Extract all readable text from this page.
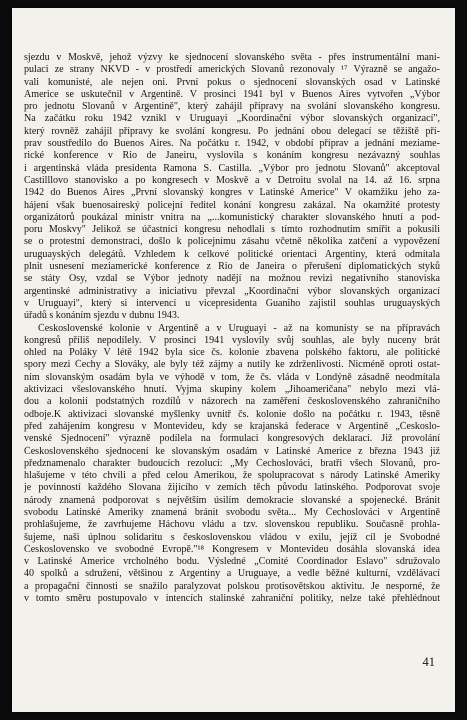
sjezdu v Moskvě, jehož výzvy ke sjednocení slovanského světa - přes instrumentální mani-
pulaci ze strany NKVD - v prostředí amerických Slovanů rezonovaly ¹⁷ Výrazně se angažo-
vali komunisté, ale nejen oni. První pokus o sjednocení slovanských osad v Latinské
Americe se uskutečnil v Argentině. V prosinci 1941 byl v Buenos Aires vytvořen „Výbor
pro jednotu Slovanů v Argentině", který zahájil přípravy na svolání slovanského kongresu.
Na začátku roku 1942 vznikl v Uruguayi „Koordinační výbor slovanských organizací",
který rovněž zahájil přípravy ke svolání kongresu. Po jednání obou delegací se těžiště pří-
prav soustředilo do Buenos Aires. Na počátku r. 1942, v období příprav a jednání meziame-
rické konference v Rio de Janeiru, vyslovila s konáním kongresu nezávazný souhlas
i argentinská vláda presidenta Ramona S. Castilla. „Výbor pro jednotu Slovanů" akceptoval
Castilllovo stanovisko a po kongresech v Moskvě a v Detroitu svolal na 14. až 16. srpna
1942 do Buenos Aires „První slovanský kongres v Latinské Americe" V okamžiku jeho za-
hájení však buenosaireský policejní ředitel konání kongresu zakázal. Na okamžité protesty
organizátorů poukázal ministr vnitra na „...komunistický charakter slovanského hnutí a pod-
poru Moskvy" Jelikož se účastníci kongresu nehodlali s tímto rozhodnutím smířit a pokusili
se o protestní demonstraci, došlo k policejnímu zásahu včetně několika zatčení a vypovězení
uruguayských delegátů. Vzhledem k celkové politické orientaci Argentiny, která odmítala
plnit usnesení meziamerické konference z Rio de Janeira o přerušení diplomatických styků
se státy Osy, vzdal se Výbor jednoty nadějí na možnou revizi negativního stanoviska
argentinské administrativy a iniciativu převzal „Koordinační výbor slovanských organizací
v Uruguayi", který si intervencí u vicepresidenta Guaniho zajistil souhlas uruguayských
úřadů s konáním sjezdu v dubnu 1943.
Československé kolonie v Argentině a v Uruguayi - až na komunisty se na přípravách
kongresů příliš nepodílely. V prosinci 1941 vyslovily svůj souhlas, ale byly nuceny brát
ohled na Poláky V létě 1942 byla sice čs. kolonie zbavena polského faktoru, ale politické
spory mezi Čechy a Slováky, ale byly též zájmy a nutily ke zdrženlivosti. Nicméně oproti ostat-
ním slovanským osadám byla ve výhodě v tom, že čs. vláda v Londýně zásadně neodmítala
aktivizaci všeslovanského hnutí. Vyjma skupiny kolem „Jihoameričana" nebylo mezi vlá-
dou a kolonií podstatných rozdílů v názorech na zaměření československého zahraničního
odboje.K aktivizaci slovanské myšlenky uvnitř čs. kolonie došlo na počátku r. 1943, těsně
před zahájením kongresu v Montevideu, kdy se krajanská federace v Argentině „Českoslo-
venské Sjednocení" výrazně podílela na formulaci kongresových deklarací. Již provolání
Československého sjednocení ke slovanským osadám v Latinské Americe z března 1943 již
předznamenalo charakter budoucích rezolucí: „My Čechoslováci, bratři všech Slovanů, pro-
hlašujeme v této chvíli a před celou Amerikou, že spolupracovat s národy Latinské Ameriky
je povinností každého Slovana žijícího v zemích těch původu latinského. Podporovat svoje
národy znamená podporovat s největším úsilím demokracie slovanské a spojenecké. Bránit
svobodu Latinské Ameriky znamená bránit svobodu světa... My Čechoslováci v Argentině
prohlašujeme, že zavrhujeme Háchovu vládu a tzv. slovenskou republiku. Současně prohla-
šujeme, naši úplnou solidaritu s československou vládou v exilu, jejíž cíl je Svobodné
Československo ve svobodné Evropě."¹⁸ Kongresem v Montevideu dosáhla slovanská idea
v Latinské Americe vrcholného bodu. Výsledné „Comité Coordinador Eslavo" sdružovalo
40 spolků a sdružení, většinou z Argentiny a Uruguaye, a vedle běžné kulturní, vzdělávací
a propagační činnosti se snažilo paralyzovat polskou protisovětskou aktivitu. Je nesporné, že
v tomto směru postupovalo v intencích stalinské zahraniční politiky, nelze také přehlédnout
41
